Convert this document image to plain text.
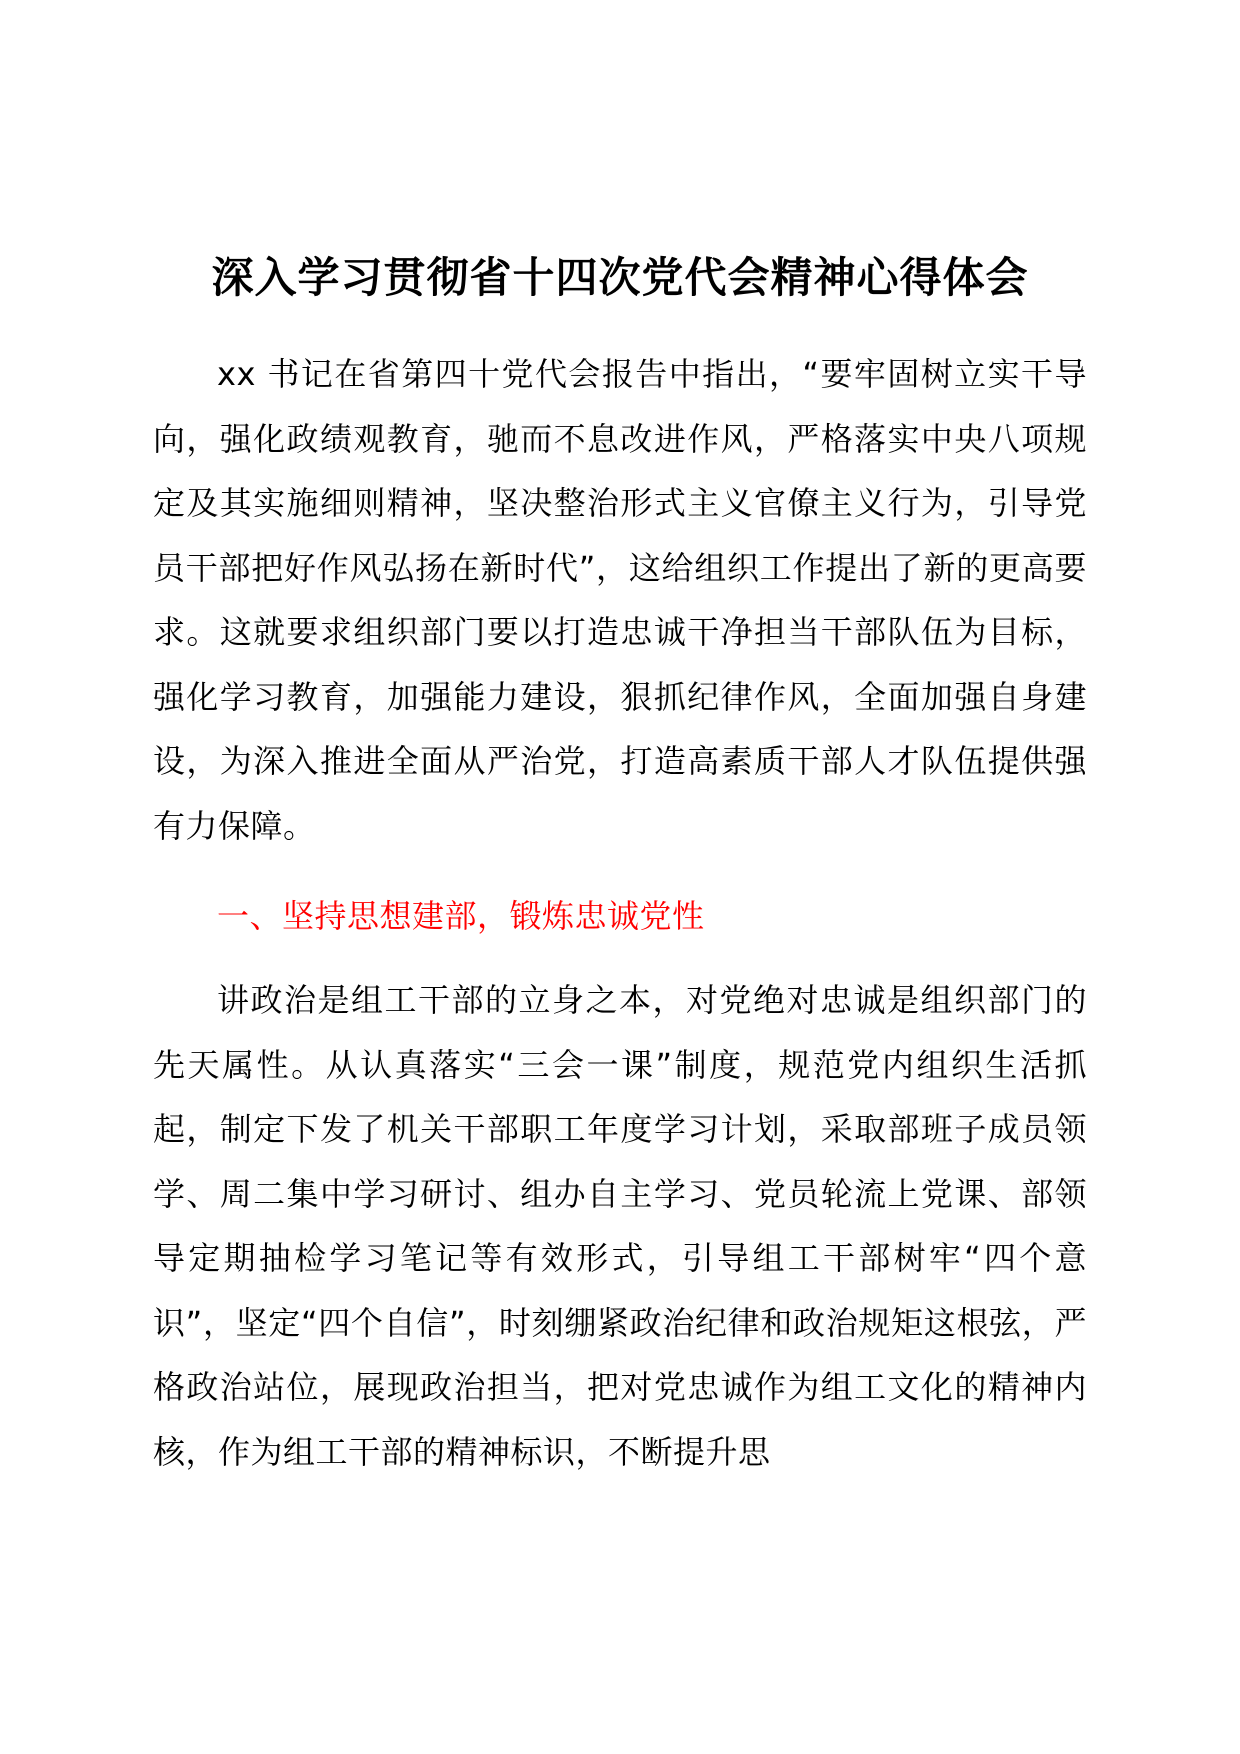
深入学习贯彻省十四次党代会精神心得体会

xx 书记在省第四十党代会报告中指出，“要牢固树立实干导向，强化政绩观教育，驰而不息改进作风，严格落实中央八项规定及其实施细则精神，坚决整治形式主义官僚主义行为，引导党员干部把好作风弘扬在新时代”，这给组织工作提出了新的更高要求。这就要求组织部门要以打造忠诚干净担当干部队伍为目标，强化学习教育，加强能力建设，狠抓纪律作风，全面加强自身建设，为深入推进全面从严治党，打造高素质干部人才队伍提供强有力保障。

一、坚持思想建部，锻炼忠诚党性

讲政治是组工干部的立身之本，对党绝对忠诚是组织部门的先天属性。从认真落实“三会一课”制度，规范党内组织生活抓起，制定下发了机关干部职工年度学习计划，采取部班子成员领学、周二集中学习研讨、组办自主学习、党员轮流上党课、部领导定期抽检学习笔记等有效形式，引导组工干部树牢“四个意识”，坚定“四个自信”，时刻绷紧政治纪律和政治规矩这根弦，严格政治站位，展现政治担当，把对党忠诚作为组工文化的精神内核，作为组工干部的精神标识，不断提升思
